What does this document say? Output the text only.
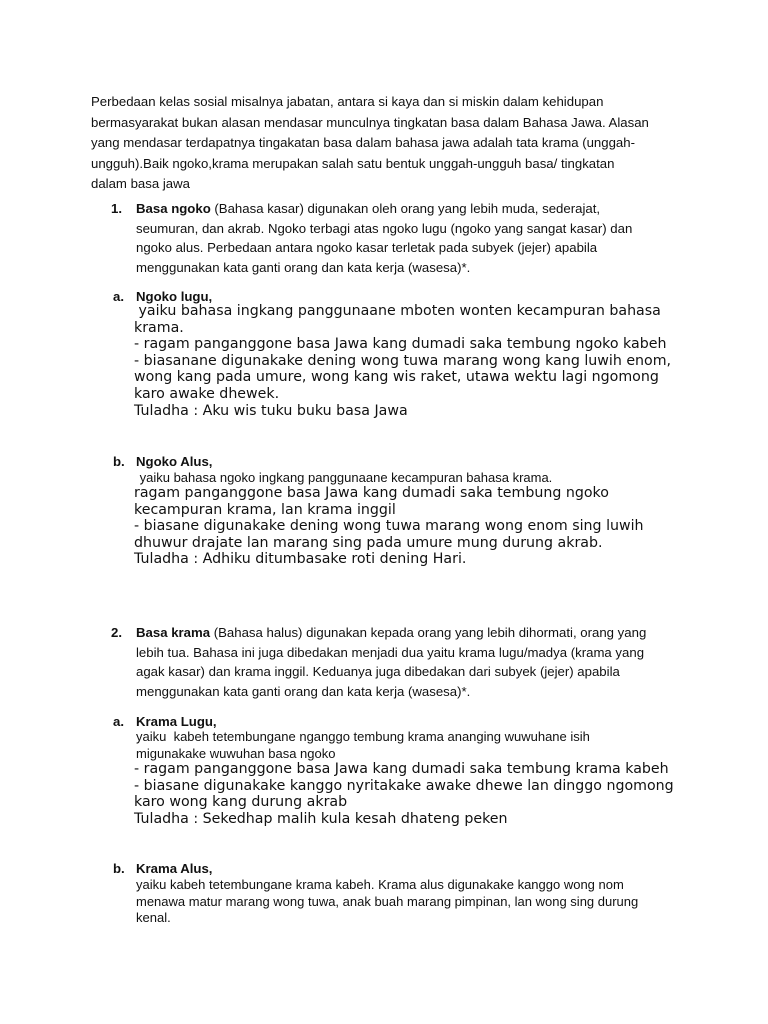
Perbedaan kelas sosial misalnya jabatan, antara si kaya dan si miskin dalam kehidupan
bermasyarakat bukan alasan mendasar munculnya tingkatan basa dalam Bahasa Jawa. Alasan
yang mendasar terdapatnya tingakatan basa dalam bahasa jawa adalah tata krama (unggah-
ungguh).Baik ngoko,krama merupakan salah satu bentuk unggah-ungguh basa/ tingkatan
dalam basa jawa
1. Basa ngoko (Bahasa kasar) digunakan oleh orang yang lebih muda, sederajat,
seumuran, dan akrab. Ngoko terbagi atas ngoko lugu (ngoko yang sangat kasar) dan
ngoko alus. Perbedaan antara ngoko kasar terletak pada subyek (jejer) apabila
menggunakan kata ganti orang dan kata kerja (wasesa)*.
a. Ngoko lugu,
yaiku bahasa ingkang panggunaane mboten wonten kecampuran bahasa
krama.
- ragam panganggone basa Jawa kang dumadi saka tembung ngoko kabeh
- biasanane digunakake dening wong tuwa marang wong kang luwih enom,
wong kang pada umure, wong kang wis raket, utawa wektu lagi ngomong
karo awake dhewek.
Tuladha : Aku wis tuku buku basa Jawa
b. Ngoko Alus,
yaiku bahasa ngoko ingkang panggunaane kecampuran bahasa krama.
ragam panganggone basa Jawa kang dumadi saka tembung ngoko
kecampuran krama, lan krama inggil
- biasane digunakake dening wong tuwa marang wong enom sing luwih
dhuwur drajate lan marang sing pada umure mung durung akrab.
Tuladha : Adhiku ditumbasake roti dening Hari.
2. Basa krama (Bahasa halus) digunakan kepada orang yang lebih dihormati, orang yang
lebih tua. Bahasa ini juga dibedakan menjadi dua yaitu krama lugu/madya (krama yang
agak kasar) dan krama inggil. Keduanya juga dibedakan dari subyek (jejer) apabila
menggunakan kata ganti orang dan kata kerja (wasesa)*.
a. Krama Lugu,
yaiku  kabeh tetembungane nganggo tembung krama ananging wuwuhane isih
migunakake wuwuhan basa ngoko
- ragam panganggone basa Jawa kang dumadi saka tembung krama kabeh
- biasane digunakake kanggo nyritakake awake dhewe lan dinggo ngomong
karo wong kang durung akrab
Tuladha : Sekedhap malih kula kesah dhateng peken
b. Krama Alus,
yaiku kabeh tetembungane krama kabeh. Krama alus digunakake kanggo wong nom
menawa matur marang wong tuwa, anak buah marang pimpinan, lan wong sing durung
kenal.
